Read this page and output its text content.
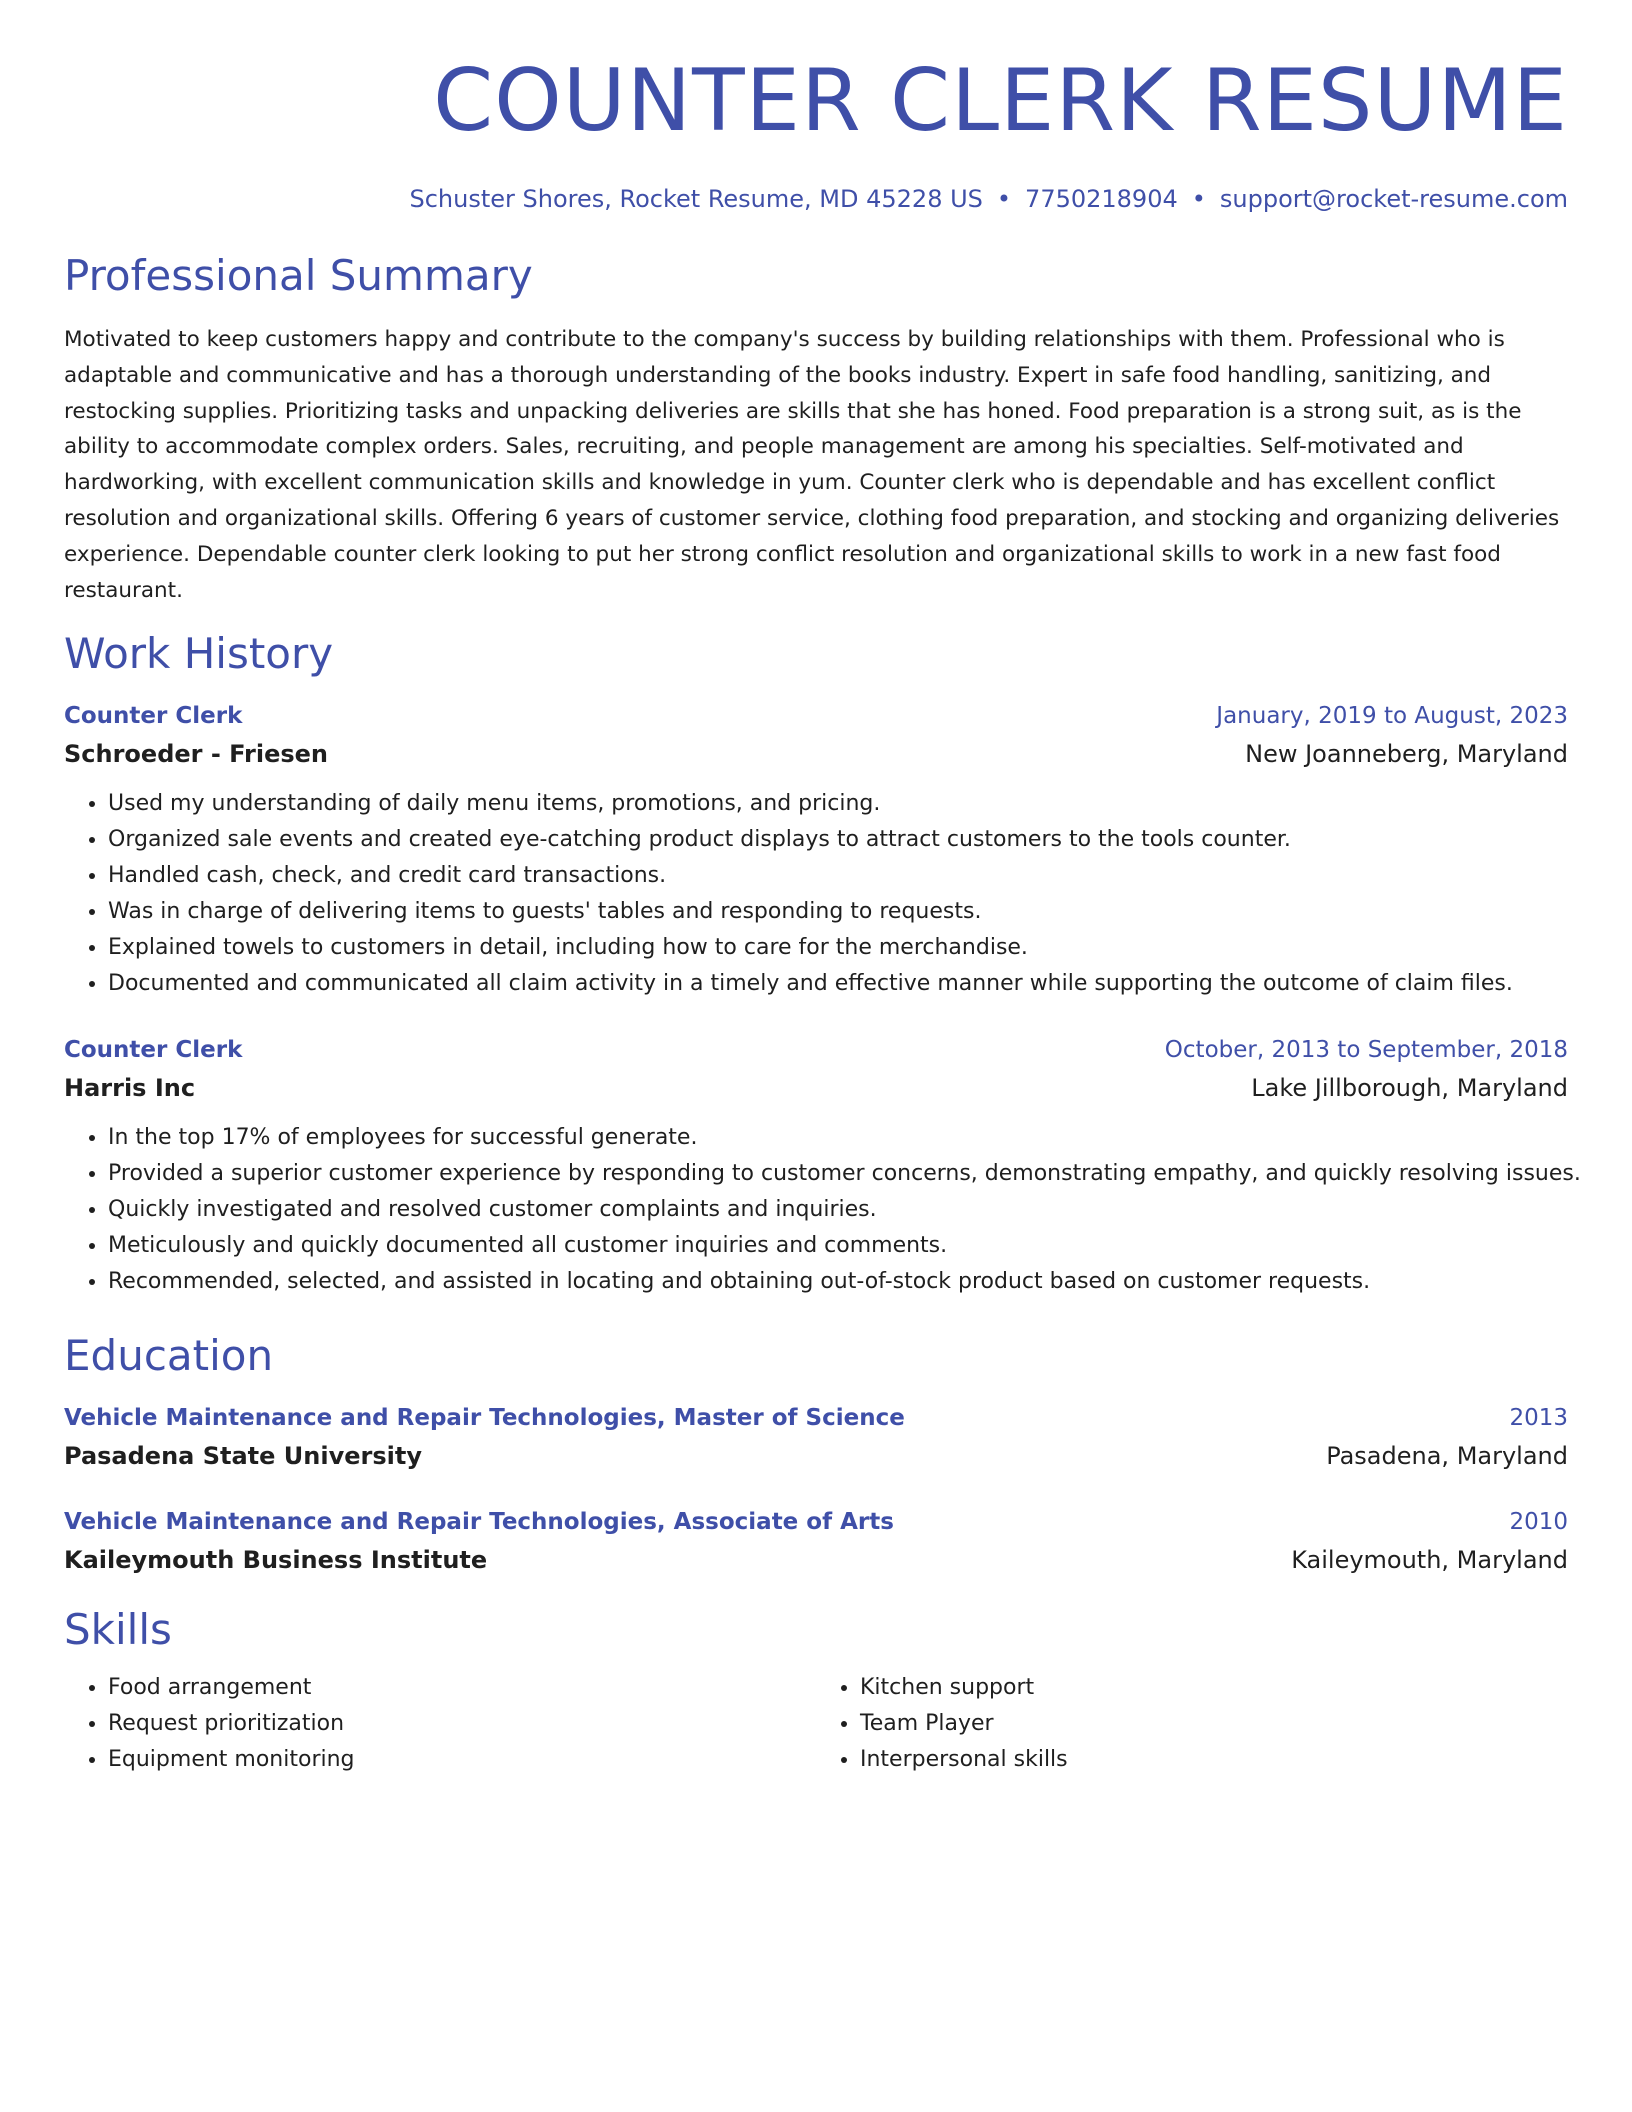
COUNTER CLERK RESUME
Schuster Shores, Rocket Resume, MD 45228 US • 7750218904 • support@rocket-resume.com
Professional Summary

Motivated to keep customers happy and contribute to the company's success by building relationships with them. Professional who is adaptable and communicative and has a thorough understanding of the books industry. Expert in safe food handling, sanitizing, and restocking supplies. Prioritizing tasks and unpacking deliveries are skills that she has honed. Food preparation is a strong suit, as is the ability to accommodate complex orders. Sales, recruiting, and people management are among his specialties. Self-motivated and hardworking, with excellent communication skills and knowledge in yum. Counter clerk who is dependable and has excellent conflict resolution and organizational skills. Offering 6 years of customer service, clothing food preparation, and stocking and organizing deliveries experience. Dependable counter clerk looking to put her strong conflict resolution and organizational skills to work in a new fast food restaurant.

Work History
Counter Clerk	January, 2019 to August, 2023
Schroeder - Friesen	New Joanneberg, Maryland
• Used my understanding of daily menu items, promotions, and pricing.
• Organized sale events and created eye-catching product displays to attract customers to the tools counter.
• Handled cash, check, and credit card transactions.
• Was in charge of delivering items to guests' tables and responding to requests.
• Explained towels to customers in detail, including how to care for the merchandise.
• Documented and communicated all claim activity in a timely and effective manner while supporting the outcome of claim files.
Counter Clerk	October, 2013 to September, 2018
Harris Inc	Lake Jillborough, Maryland
• In the top 17% of employees for successful generate.
• Provided a superior customer experience by responding to customer concerns, demonstrating empathy, and quickly resolving issues.
• Quickly investigated and resolved customer complaints and inquiries.
• Meticulously and quickly documented all customer inquiries and comments.
• Recommended, selected, and assisted in locating and obtaining out-of-stock product based on customer requests.
Education
Vehicle Maintenance and Repair Technologies, Master of Science	2013
Pasadena State University	Pasadena, Maryland
Vehicle Maintenance and Repair Technologies, Associate of Arts	2010
Kaileymouth Business Institute	Kaileymouth, Maryland
Skills
• Food arrangement
• Request prioritization
• Equipment monitoring
• Kitchen support
• Team Player
• Interpersonal skills
